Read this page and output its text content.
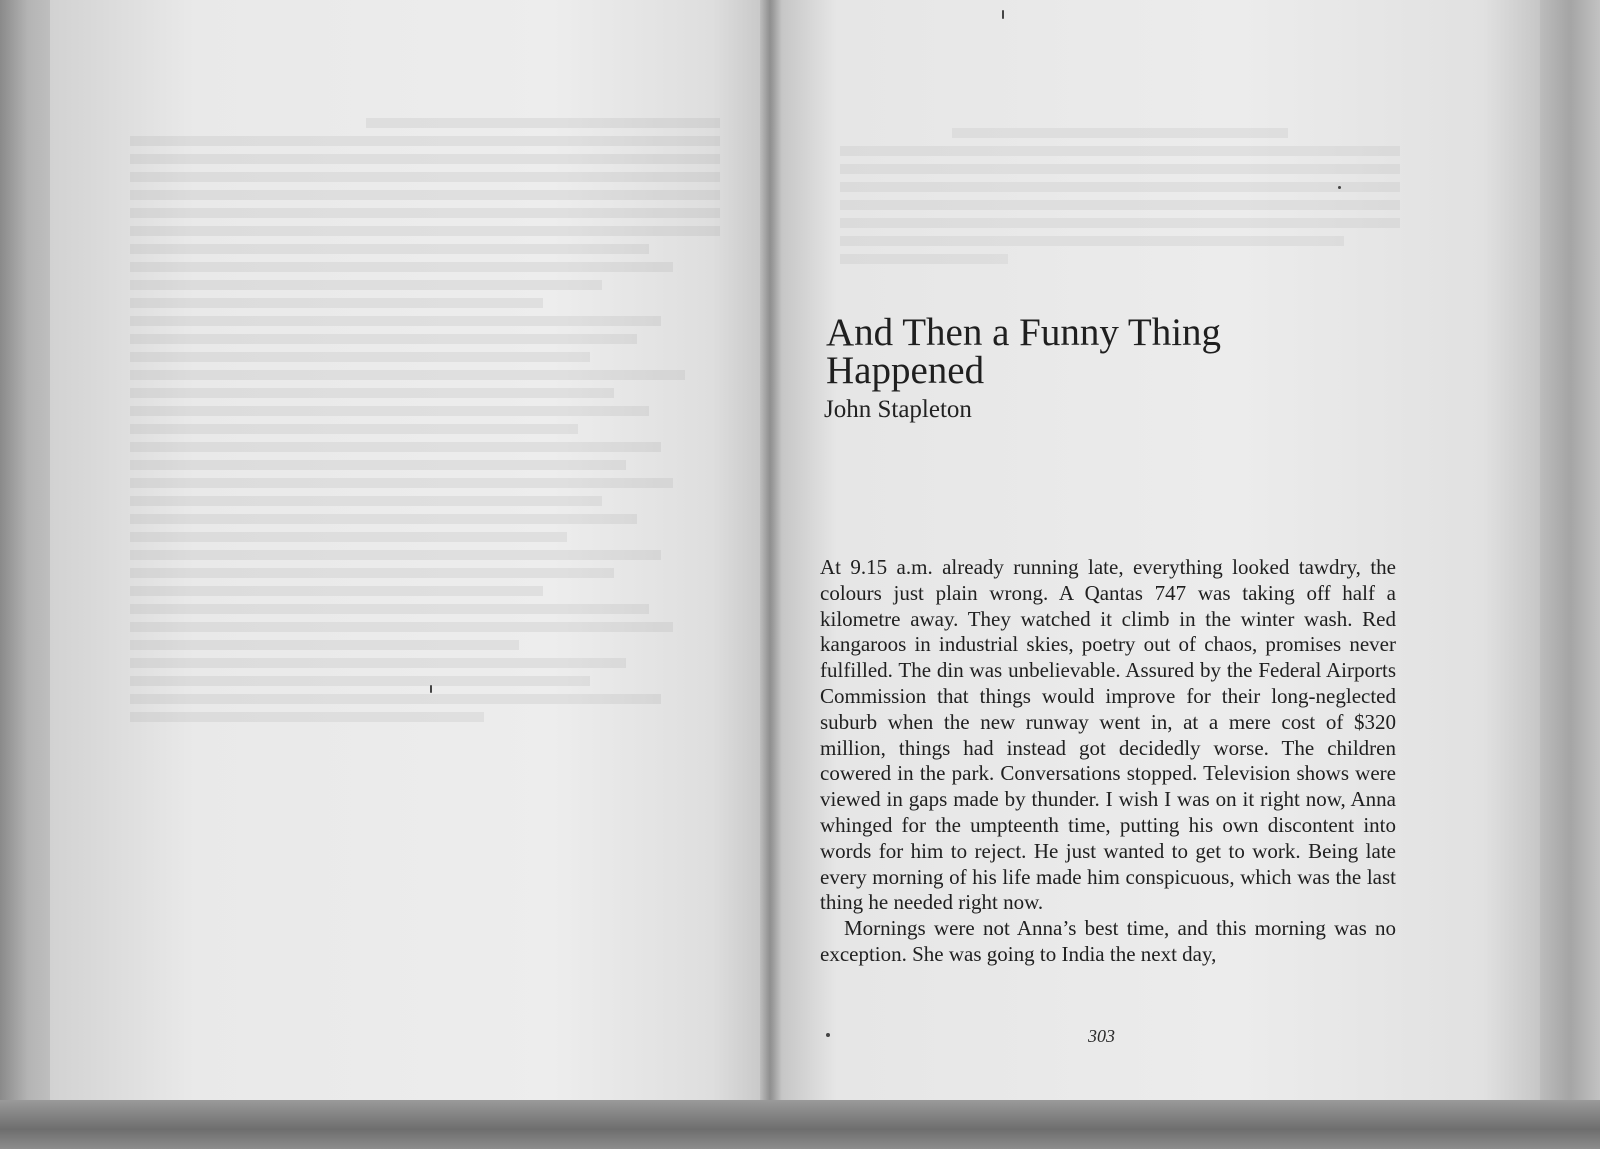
And Then a Funny Thing Happened
John Stapleton

At 9.15 a.m. already running late, everything looked tawdry, the colours just plain wrong. A Qantas 747 was taking off half a kilometre away. They watched it climb in the winter wash. Red kangaroos in industrial skies, poetry out of chaos, promises never fulfilled. The din was unbelievable. Assured by the Federal Airports Commission that things would improve for their long-neglected suburb when the new runway went in, at a mere cost of $320 million, things had instead got decidedly worse. The children cowered in the park. Conversations stopped. Television shows were viewed in gaps made by thunder. I wish I was on it right now, Anna whinged for the umpteenth time, putting his own discontent into words for him to reject. He just wanted to get to work. Being late every morning of his life made him conspicuous, which was the last thing he needed right now.

Mornings were not Anna’s best time, and this morning was no exception. She was going to India the next day,

303
